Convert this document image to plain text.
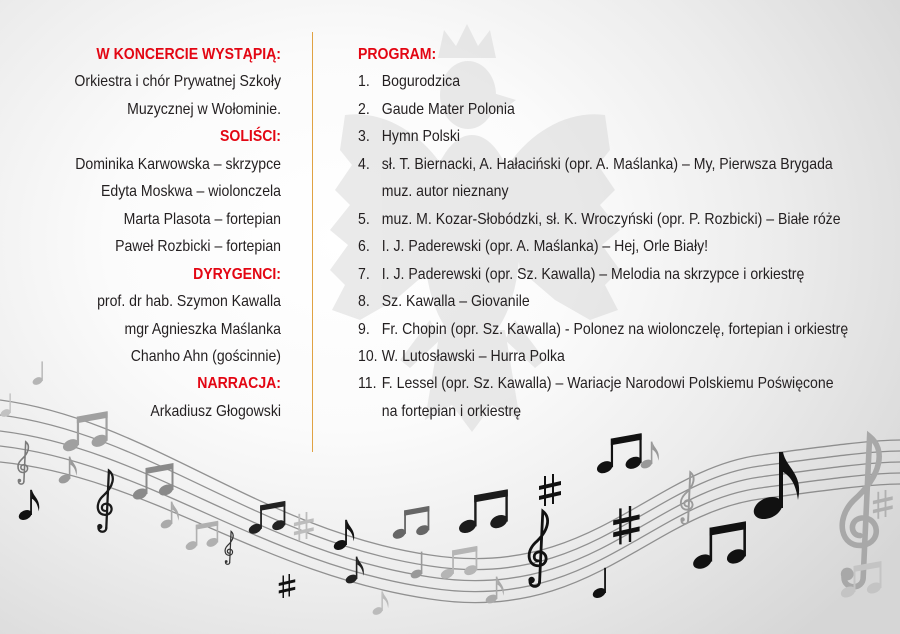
W KONCERCIE WYSTĄPIĄ:
Orkiestra i chór Prywatnej Szkoły
Muzycznej w Wołominie.
SOLIŚCI:
Dominika Karwowska – skrzypce
Edyta Moskwa – wiolonczela
Marta Plasota – fortepian
Paweł Rozbicki – fortepian
DYRYGENCI:
prof. dr hab. Szymon Kawalla
mgr Agnieszka Maślanka
Chanho Ahn (gościnnie)
NARRACJA:
Arkadiusz Głogowski
PROGRAM:
1. Bogurodzica
2. Gaude Mater Polonia
3. Hymn Polski
4. sł. T. Biernacki, A. Hałaciński (opr. A. Maślanka) – My, Pierwsza Brygada
muz. autor nieznany
5. muz. M. Kozar-Słobódzki, sł. K. Wroczyński (opr. P. Rozbicki) – Białe róże
6. I. J. Paderewski (opr. A. Maślanka) – Hej, Orle Biały!
7. I. J. Paderewski (opr. Sz. Kawalla) – Melodia na skrzypce i orkiestrę
8. Sz. Kawalla – Giovanile
9. Fr. Chopin (opr. Sz. Kawalla) - Polonez na wiolonczelę, fortepian i orkiestrę
10. W. Lutosławski – Hurra Polka
11. F. Lessel (opr. Sz. Kawalla) – Wariacje Narodowi Polskiemu Poświęcone
na fortepian i orkiestrę
